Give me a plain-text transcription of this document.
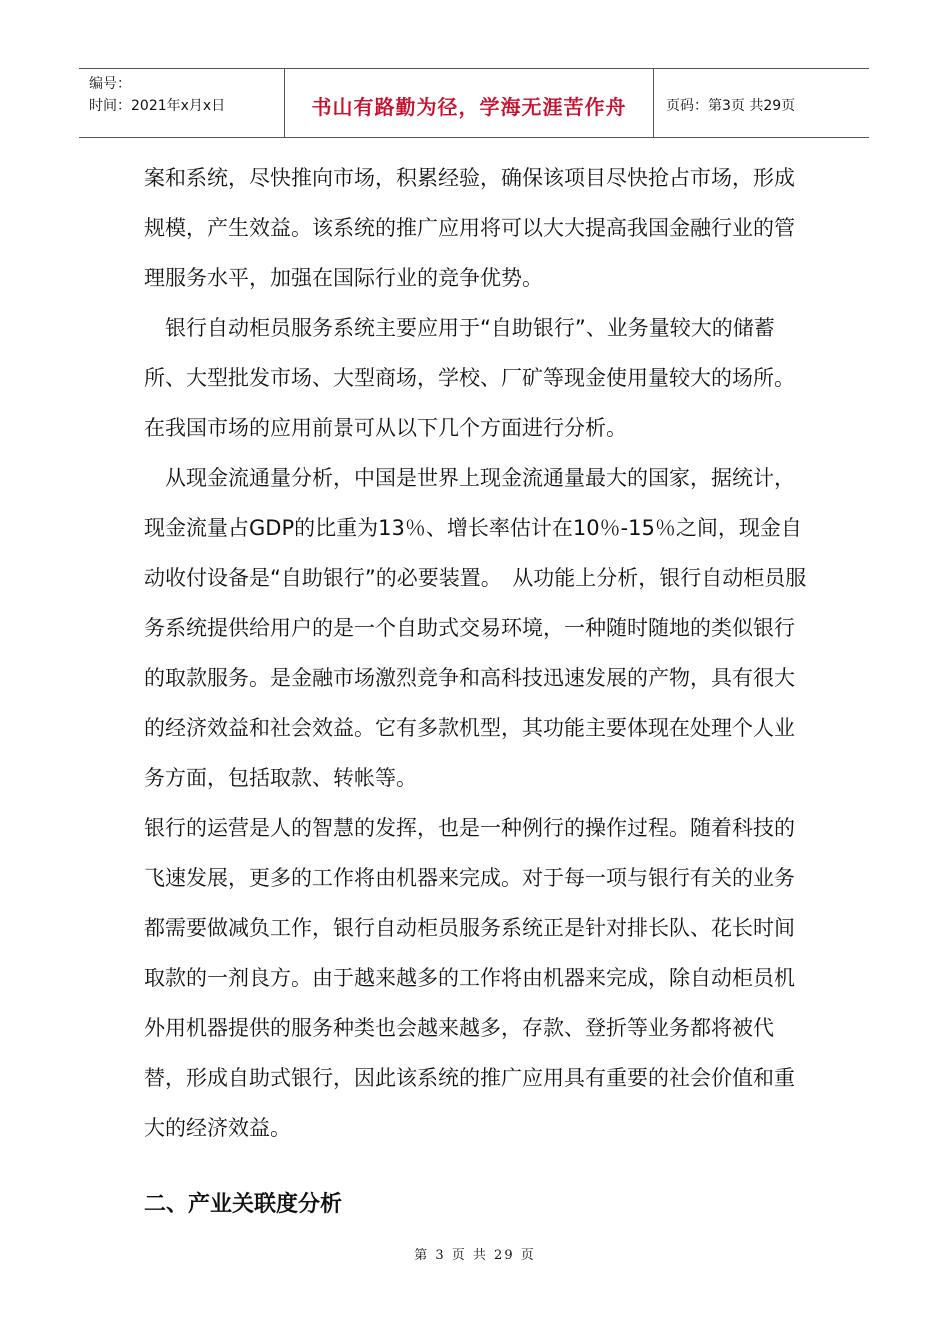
编号：
时间：2021年x月x日	书山有路勤为径，学海无涯苦作舟	页码：第3页 共29页

案和系统，尽快推向市场，积累经验，确保该项目尽快抢占市场，形成规模，产生效益。该系统的推广应用将可以大大提高我国金融行业的管理服务水平，加强在国际行业的竞争优势。

　银行自动柜员服务系统主要应用于“自助银行”、业务量较大的储蓄所、大型批发市场、大型商场，学校、厂矿等现金使用量较大的场所。在我国市场的应用前景可从以下几个方面进行分析。

　从现金流通量分析，中国是世界上现金流通量最大的国家，据统计，现金流量占GDP的比重为13％、增长率估计在10％-15％之间，现金自动收付设备是“自助银行”的必要装置。　从功能上分析，银行自动柜员服务系统提供给用户的是一个自助式交易环境，一种随时随地的类似银行的取款服务。是金融市场激烈竞争和高科技迅速发展的产物，具有很大的经济效益和社会效益。它有多款机型，其功能主要体现在处理个人业务方面，包括取款、转帐等。

银行的运营是人的智慧的发挥，也是一种例行的操作过程。随着科技的飞速发展，更多的工作将由机器来完成。对于每一项与银行有关的业务都需要做减负工作，银行自动柜员服务系统正是针对排长队、花长时间取款的一剂良方。由于越来越多的工作将由机器来完成，除自动柜员机外用机器提供的服务种类也会越来越多，存款、登折等业务都将被代替，形成自助式银行，因此该系统的推广应用具有重要的社会价值和重大的经济效益。

二、产业关联度分析
第 3 页 共 29 页
